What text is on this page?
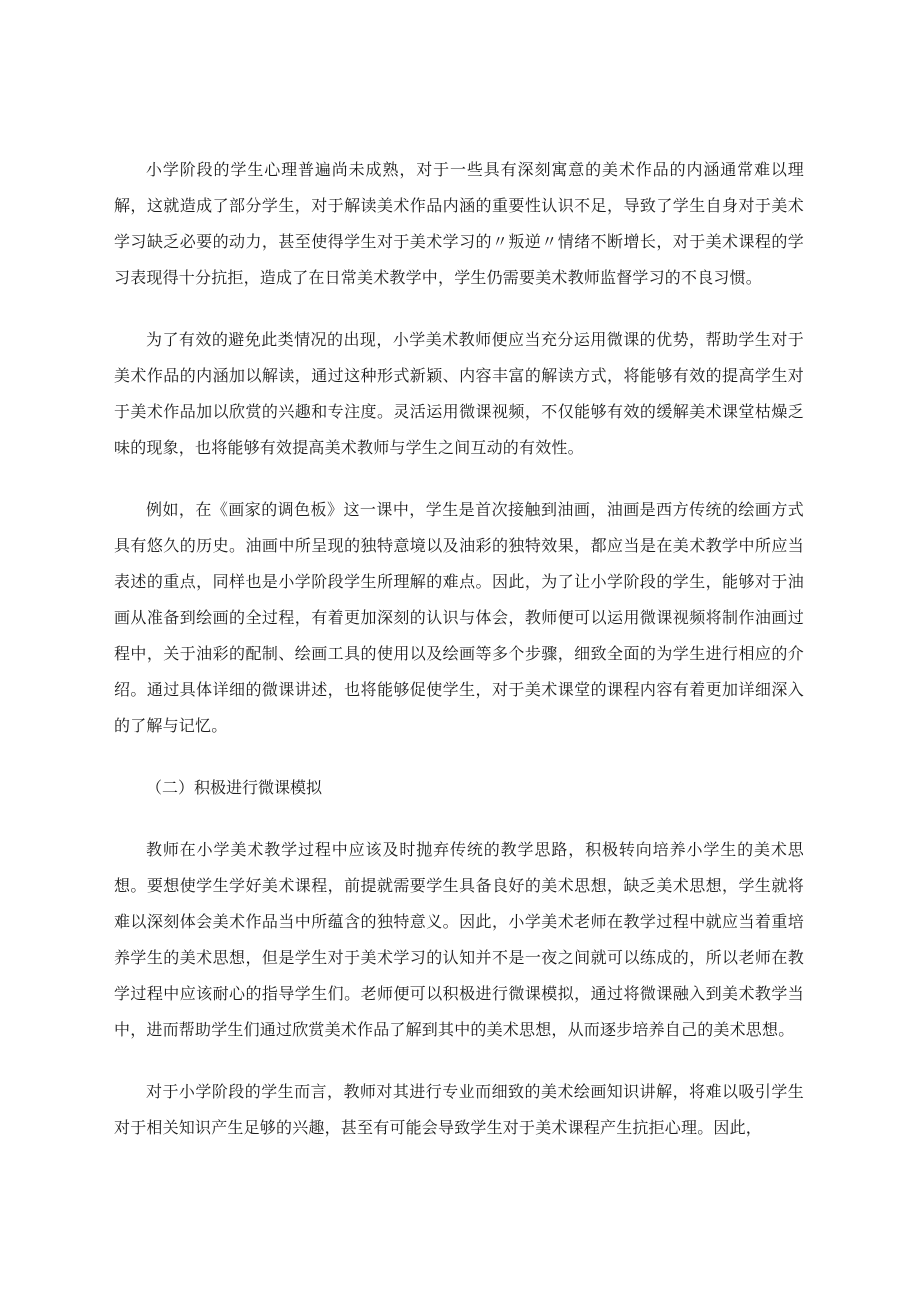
小学阶段的学生心理普遍尚未成熟，对于一些具有深刻寓意的美术作品的内涵通常难以理解，这就造成了部分学生，对于解读美术作品内涵的重要性认识不足，导致了学生自身对于美术学习缺乏必要的动力，甚至使得学生对于美术学习的〃叛逆〃情绪不断增长，对于美术课程的学习表现得十分抗拒，造成了在日常美术教学中，学生仍需要美术教师监督学习的不良习惯。

为了有效的避免此类情况的出现，小学美术教师便应当充分运用微课的优势，帮助学生对于美术作品的内涵加以解读，通过这种形式新颖、内容丰富的解读方式，将能够有效的提高学生对于美术作品加以欣赏的兴趣和专注度。灵活运用微课视频，不仅能够有效的缓解美术课堂枯燥乏味的现象，也将能够有效提高美术教师与学生之间互动的有效性。

例如，在《画家的调色板》这一课中，学生是首次接触到油画，油画是西方传统的绘画方式具有悠久的历史。油画中所呈现的独特意境以及油彩的独特效果，都应当是在美术教学中所应当表述的重点，同样也是小学阶段学生所理解的难点。因此，为了让小学阶段的学生，能够对于油画从准备到绘画的全过程，有着更加深刻的认识与体会，教师便可以运用微课视频将制作油画过程中，关于油彩的配制、绘画工具的使用以及绘画等多个步骤，细致全面的为学生进行相应的介绍。通过具体详细的微课讲述，也将能够促使学生，对于美术课堂的课程内容有着更加详细深入的了解与记忆。

（二）积极进行微课模拟

教师在小学美术教学过程中应该及时抛弃传统的教学思路，积极转向培养小学生的美术思想。要想使学生学好美术课程，前提就需要学生具备良好的美术思想，缺乏美术思想，学生就将难以深刻体会美术作品当中所蕴含的独特意义。因此，小学美术老师在教学过程中就应当着重培养学生的美术思想，但是学生对于美术学习的认知并不是一夜之间就可以练成的，所以老师在教学过程中应该耐心的指导学生们。老师便可以积极进行微课模拟，通过将微课融入到美术教学当中，进而帮助学生们通过欣赏美术作品了解到其中的美术思想，从而逐步培养自己的美术思想。

对于小学阶段的学生而言，教师对其进行专业而细致的美术绘画知识讲解，将难以吸引学生对于相关知识产生足够的兴趣，甚至有可能会导致学生对于美术课程产生抗拒心理。因此，
